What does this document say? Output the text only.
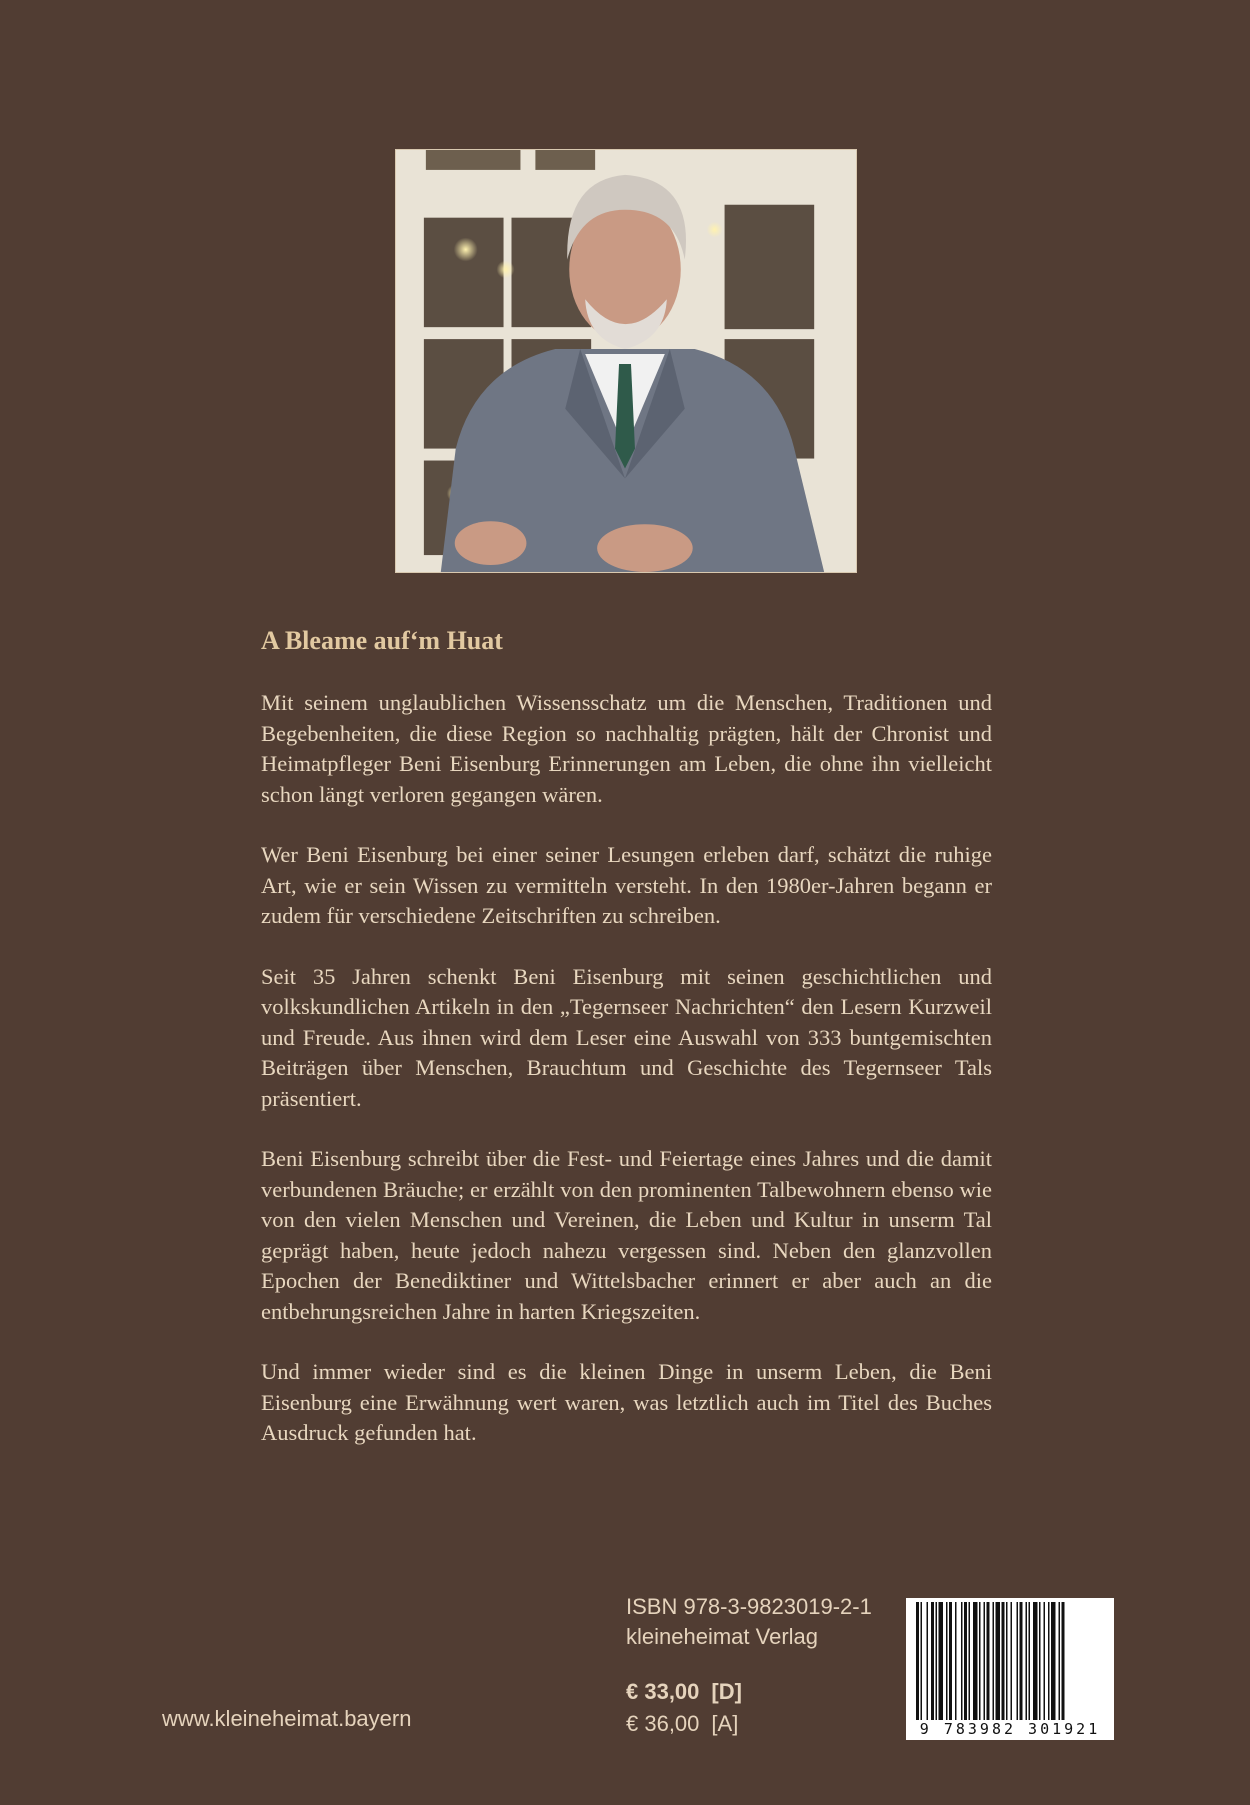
A Bleame auf‘m Huat

Mit seinem unglaublichen Wissensschatz um die Menschen, Traditionen und Begebenheiten, die diese Region so nachhaltig prägten, hält der Chronist und Heimatpfleger Beni Eisenburg Erinnerungen am Leben, die ohne ihn vielleicht schon längt verloren gegangen wären.

Wer Beni Eisenburg bei einer seiner Lesungen erleben darf, schätzt die ruhige Art, wie er sein Wissen zu vermitteln versteht. In den 1980er-Jahren begann er zudem für verschiedene Zeitschriften zu schreiben.

Seit 35 Jahren schenkt Beni Eisenburg mit seinen geschichtlichen und volkskundlichen Artikeln in den „Tegernseer Nachrichten“ den Lesern Kurzweil und Freude. Aus ihnen wird dem Leser eine Auswahl von 333 buntgemischten Beiträgen über Menschen, Brauchtum und Geschichte des Tegernseer Tals präsentiert.

Beni Eisenburg schreibt über die Fest- und Feiertage eines Jahres und die damit verbundenen Bräuche; er erzählt von den prominenten Talbewohnern ebenso wie von den vielen Menschen und Vereinen, die Leben und Kultur in unserm Tal geprägt haben, heute jedoch nahezu vergessen sind. Neben den glanzvollen Epochen der Benediktiner und Wittelsbacher erinnert er aber auch an die entbehrungsreichen Jahre in harten Kriegszeiten.

Und immer wieder sind es die kleinen Dinge in unserm Leben, die Beni Eisenburg eine Erwähnung wert waren, was letztlich auch im Titel des Buches Ausdruck gefunden hat.

ISBN 978-3-9823019-2-1
kleineheimat Verlag
€ 33,00 [D]
€ 36,00 [A]
www.kleineheimat.bayern	9 783982 301921
